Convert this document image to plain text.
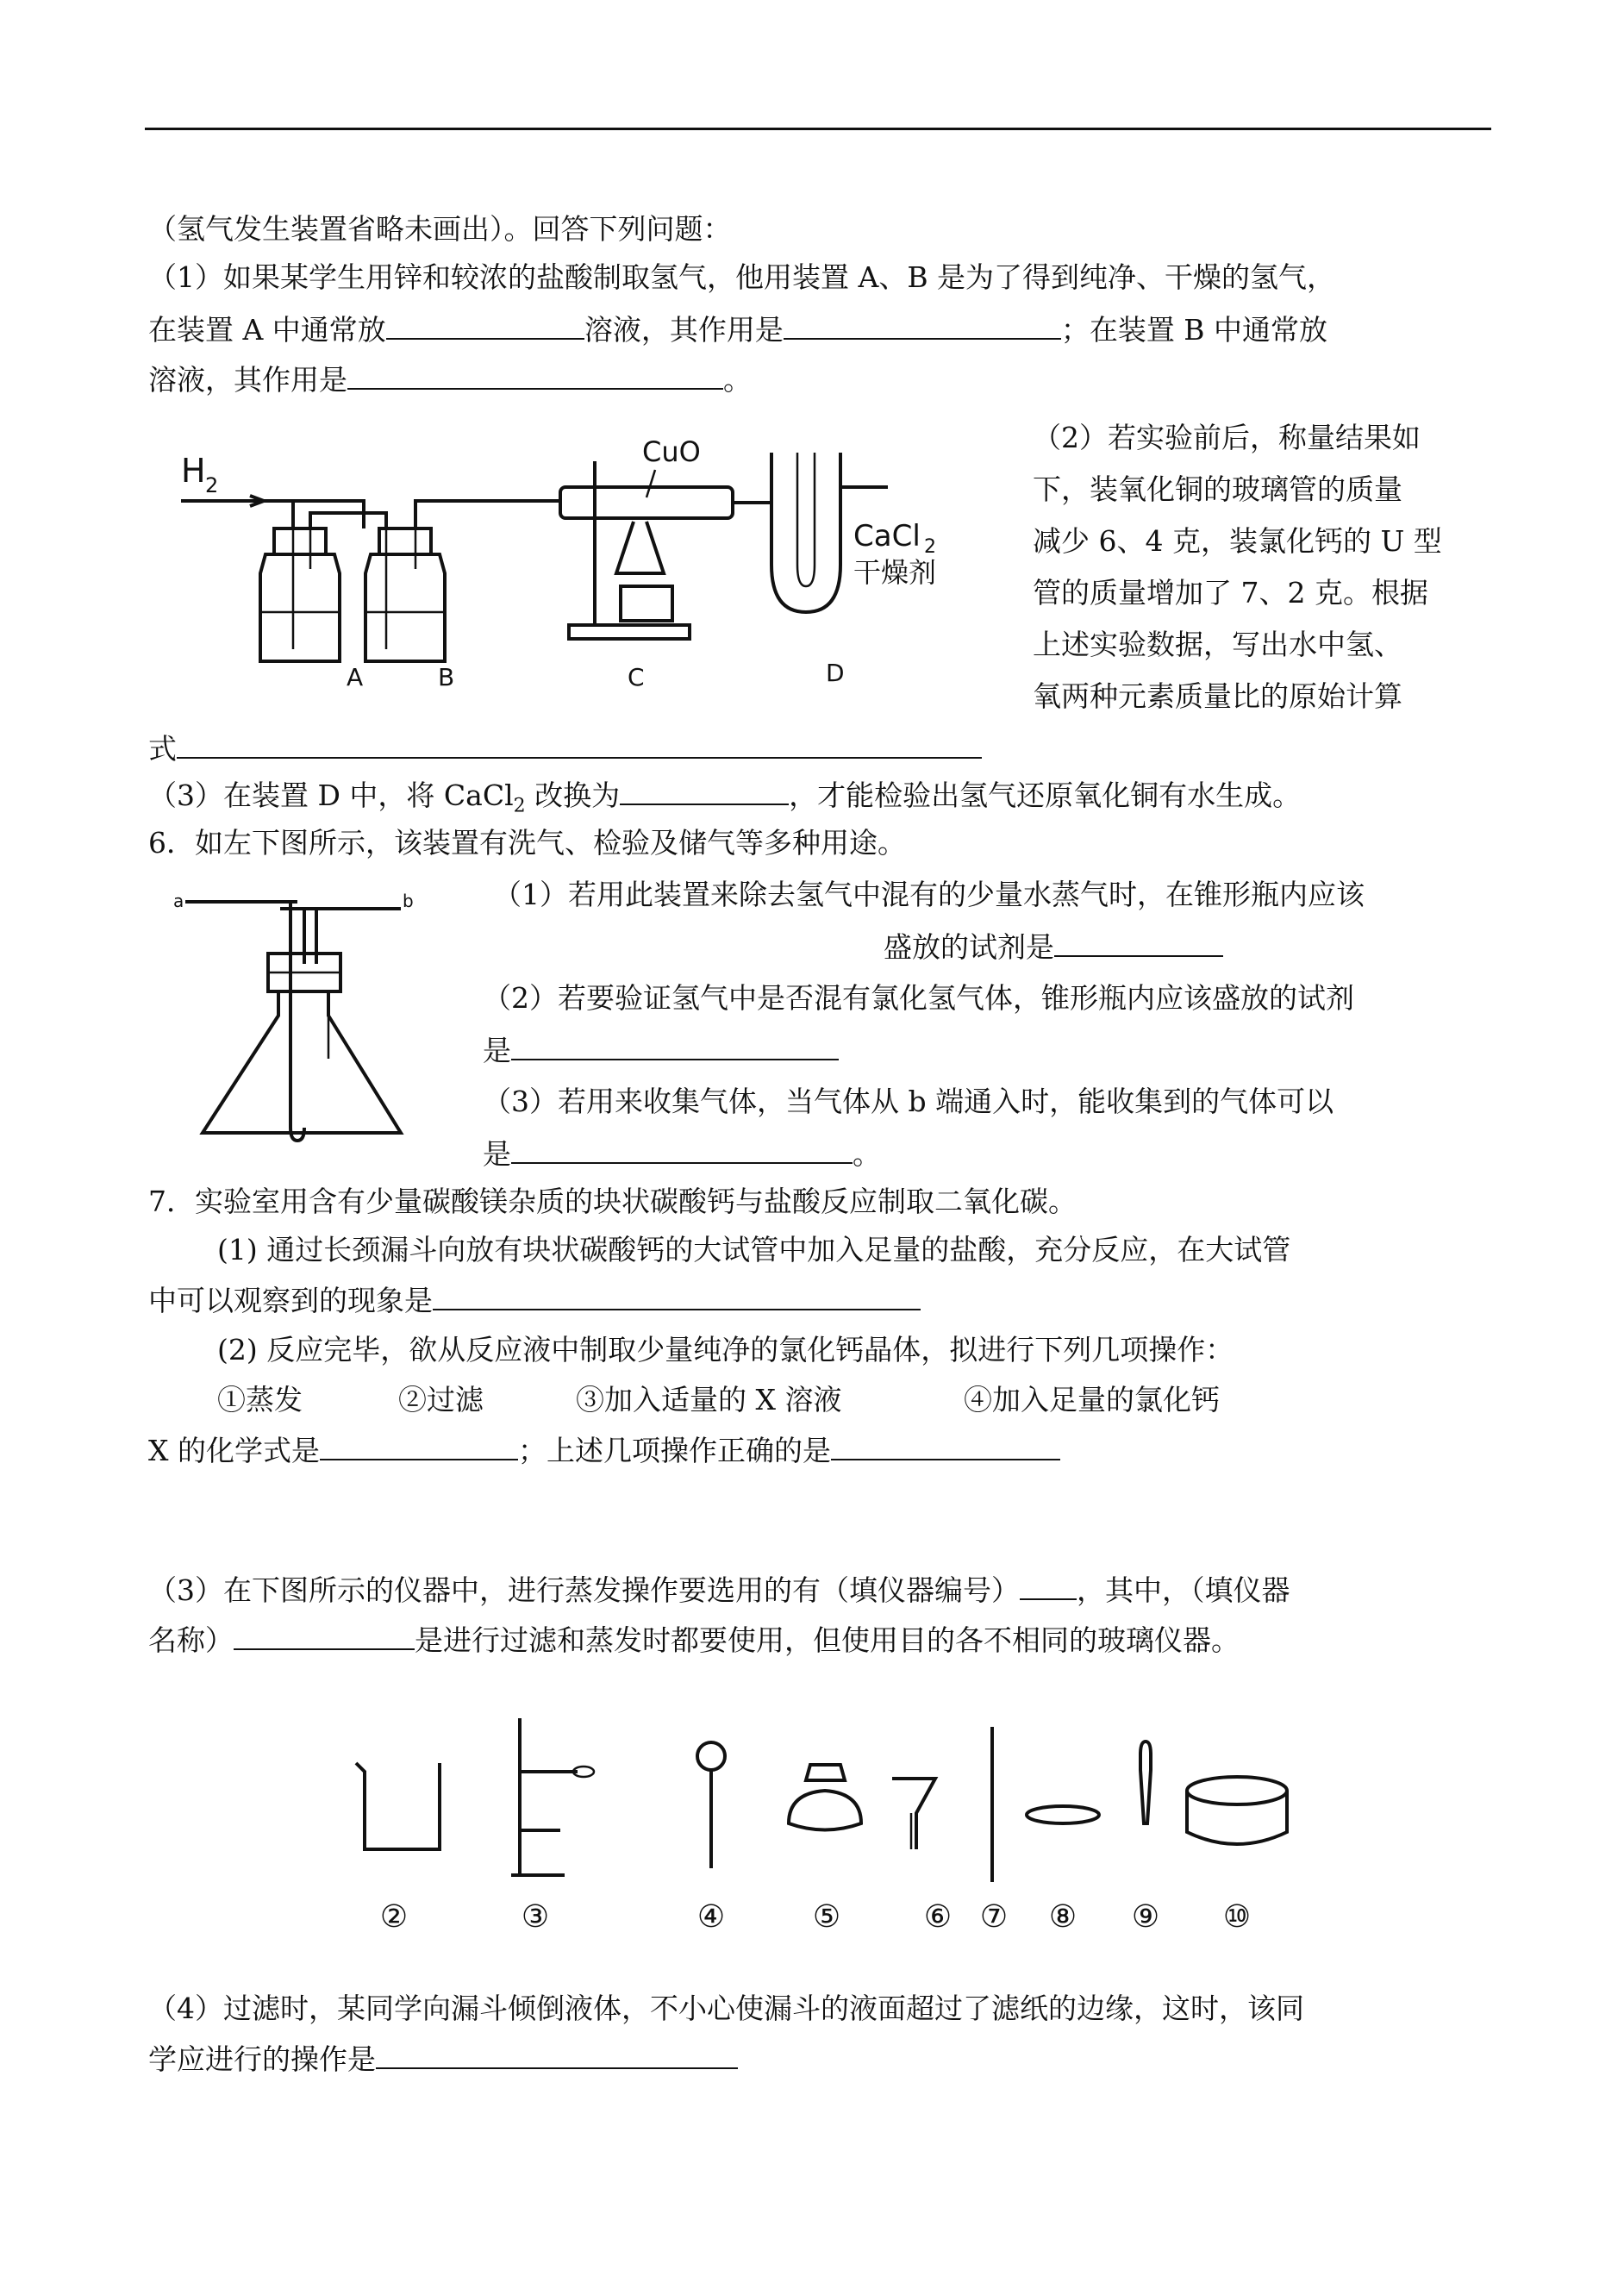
（氢气发生装置省略未画出）。回答下列问题：
（1）如果某学生用锌和较浓的盐酸制取氢气，他用装置 A、B 是为了得到纯净、干燥的氢气，
在装置 A 中通常放	溶液，其作用是	；在装置 B 中通常放
溶液，其作用是	。
H 2
CuO
CaCl 2
干燥剂
A	B	C	D
（2）若实验前后，称量结果如
下，装氧化铜的玻璃管的质量
减少 6、4 克，装氯化钙的 U 型
管的质量增加了 7、2 克。根据
上述实验数据，写出水中氢、
氧两种元素质量比的原始计算
式
（3）在装置 D 中，将 CaCl$_2$ 改换为	，才能检验出氢气还原氧化铜有水生成。
6．如左下图所示，该装置有洗气、检验及储气等多种用途。
a	b	（1）若用此装置来除去氢气中混有的少量水蒸气时，在锥形瓶内应该
盛放的试剂是
（2）若要验证氢气中是否混有氯化氢气体，锥形瓶内应该盛放的试剂
是
（3）若用来收集气体，当气体从 b 端通入时，能收集到的气体可以
是	。
7．实验室用含有少量碳酸镁杂质的块状碳酸钙与盐酸反应制取二氧化碳。
(1) 通过长颈漏斗向放有块状碳酸钙的大试管中加入足量的盐酸，充分反应，在大试管
中可以观察到的现象是
(2) 反应完毕，欲从反应液中制取少量纯净的氯化钙晶体，拟进行下列几项操作：
①蒸发	②过滤	③加入适量的 X 溶液	④加入足量的氯化钙
X 的化学式是	；上述几项操作正确的是
（3）在下图所示的仪器中，进行蒸发操作要选用的有（填仪器编号） ，其中，（填仪器
名称）	是进行过滤和蒸发时都要使用，但使用目的各不相同的玻璃仪器。
②	③	④	⑤	⑥ ⑦ ⑧ ⑨ ⑩
（4）过滤时，某同学向漏斗倾倒液体，不小心使漏斗的液面超过了滤纸的边缘，这时，该同
学应进行的操作是
